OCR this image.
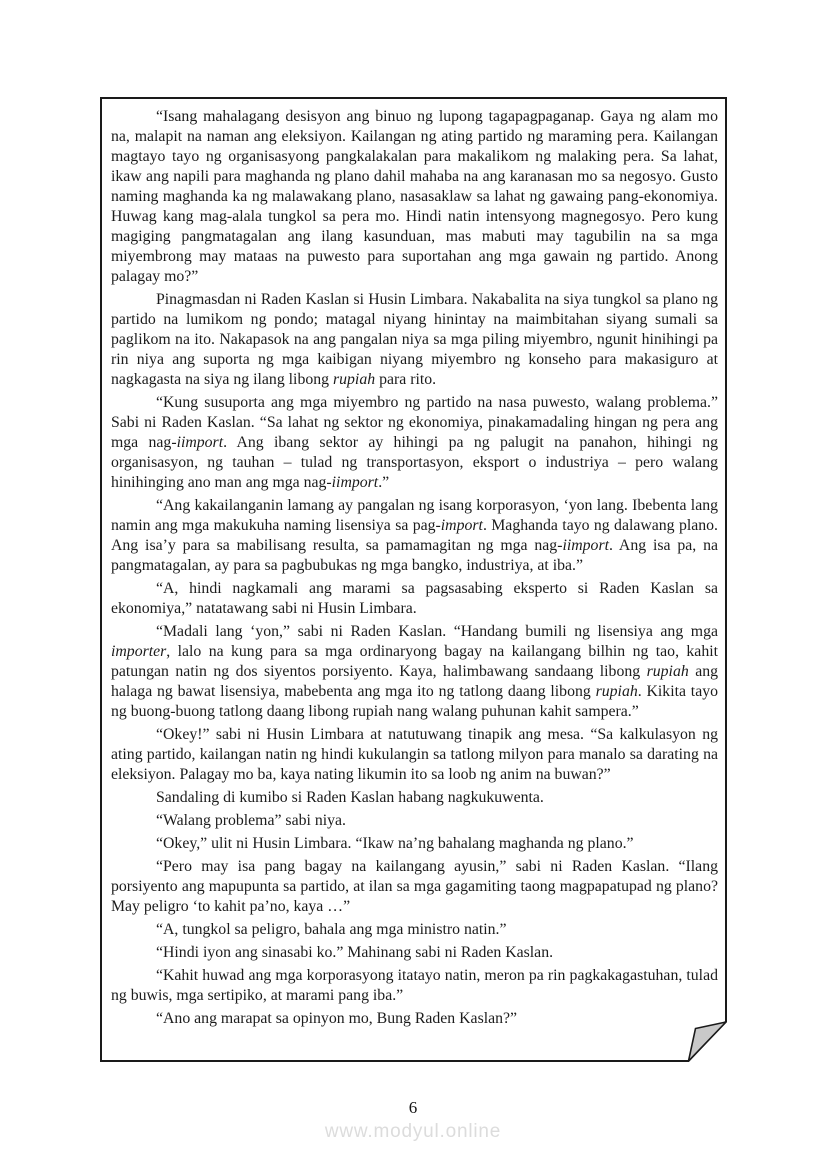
“Isang mahalagang desisyon ang binuo ng lupong tagapagpaganap. Gaya ng alam mo na, malapit na naman ang eleksiyon. Kailangan ng ating partido ng maraming pera. Kailangan magtayo tayo ng organisasyong pangkalakalan para makalikom ng malaking pera. Sa lahat, ikaw ang napili para maghanda ng plano dahil mahaba na ang karanasan mo sa negosyo. Gusto naming maghanda ka ng malawakang plano, nasasaklaw sa lahat ng gawaing pang-ekonomiya. Huwag kang mag-alala tungkol sa pera mo. Hindi natin intensyong magnegosyo. Pero kung magiging pangmatagalan ang ilang kasunduan, mas mabuti may tagubilin na sa mga miyembrong may mataas na puwesto para suportahan ang mga gawain ng partido. Anong palagay mo?”

Pinagmasdan ni Raden Kaslan si Husin Limbara. Nakabalita na siya tungkol sa plano ng partido na lumikom ng pondo; matagal niyang hinintay na maimbitahan siyang sumali sa paglikom na ito. Nakapasok na ang pangalan niya sa mga piling miyembro, ngunit hinihingi pa rin niya ang suporta ng mga kaibigan niyang miyembro ng konseho para makasiguro at nagkagasta na siya ng ilang libong rupiah para rito.

“Kung susuporta ang mga miyembro ng partido na nasa puwesto, walang problema.” Sabi ni Raden Kaslan. “Sa lahat ng sektor ng ekonomiya, pinakamadaling hingan ng pera ang mga nag-iimport. Ang ibang sektor ay hihingi pa ng palugit na panahon, hihingi ng organisasyon, ng tauhan – tulad ng transportasyon, eksport o industriya – pero walang hinihinging ano man ang mga nag-iimport.”

“Ang kakailanganin lamang ay pangalan ng isang korporasyon, ‘yon lang. Ibebenta lang namin ang mga makukuha naming lisensiya sa pag-import. Maghanda tayo ng dalawang plano. Ang isa’y para sa mabilisang resulta, sa pamamagitan ng mga nag-iimport. Ang isa pa, na pangmatagalan, ay para sa pagbubukas ng mga bangko, industriya, at iba.”

“A, hindi nagkamali ang marami sa pagsasabing eksperto si Raden Kaslan sa ekonomiya,” natatawang sabi ni Husin Limbara.

“Madali lang ‘yon,” sabi ni Raden Kaslan. “Handang bumili ng lisensiya ang mga importer, lalo na kung para sa mga ordinaryong bagay na kailangang bilhin ng tao, kahit patungan natin ng dos siyentos porsiyento. Kaya, halimbawang sandaang libong rupiah ang halaga ng bawat lisensiya, mabebenta ang mga ito ng tatlong daang libong rupiah. Kikita tayo ng buong-buong tatlong daang libong rupiah nang walang puhunan kahit sampera.”

“Okey!” sabi ni Husin Limbara at natutuwang tinapik ang mesa. “Sa kalkulasyon ng ating partido, kailangan natin ng hindi kukulangin sa tatlong milyon para manalo sa darating na eleksiyon. Palagay mo ba, kaya nating likumin ito sa loob ng anim na buwan?”

Sandaling di kumibo si Raden Kaslan habang nagkukuwenta.

“Walang problema” sabi niya.

“Okey,” ulit ni Husin Limbara. “Ikaw na’ng bahalang maghanda ng plano.”

“Pero may isa pang bagay na kailangang ayusin,” sabi ni Raden Kaslan. “Ilang porsiyento ang mapupunta sa partido, at ilan sa mga gagamiting taong magpapatupad ng plano? May peligro ‘to kahit pa’no, kaya …”

“A, tungkol sa peligro, bahala ang mga ministro natin.”

“Hindi iyon ang sinasabi ko.” Mahinang sabi ni Raden Kaslan.

“Kahit huwad ang mga korporasyong itatayo natin, meron pa rin pagkakagastuhan, tulad ng buwis, mga sertipiko, at marami pang iba.”

“Ano ang marapat sa opinyon mo, Bung Raden Kaslan?”

6
www.modyul.online
